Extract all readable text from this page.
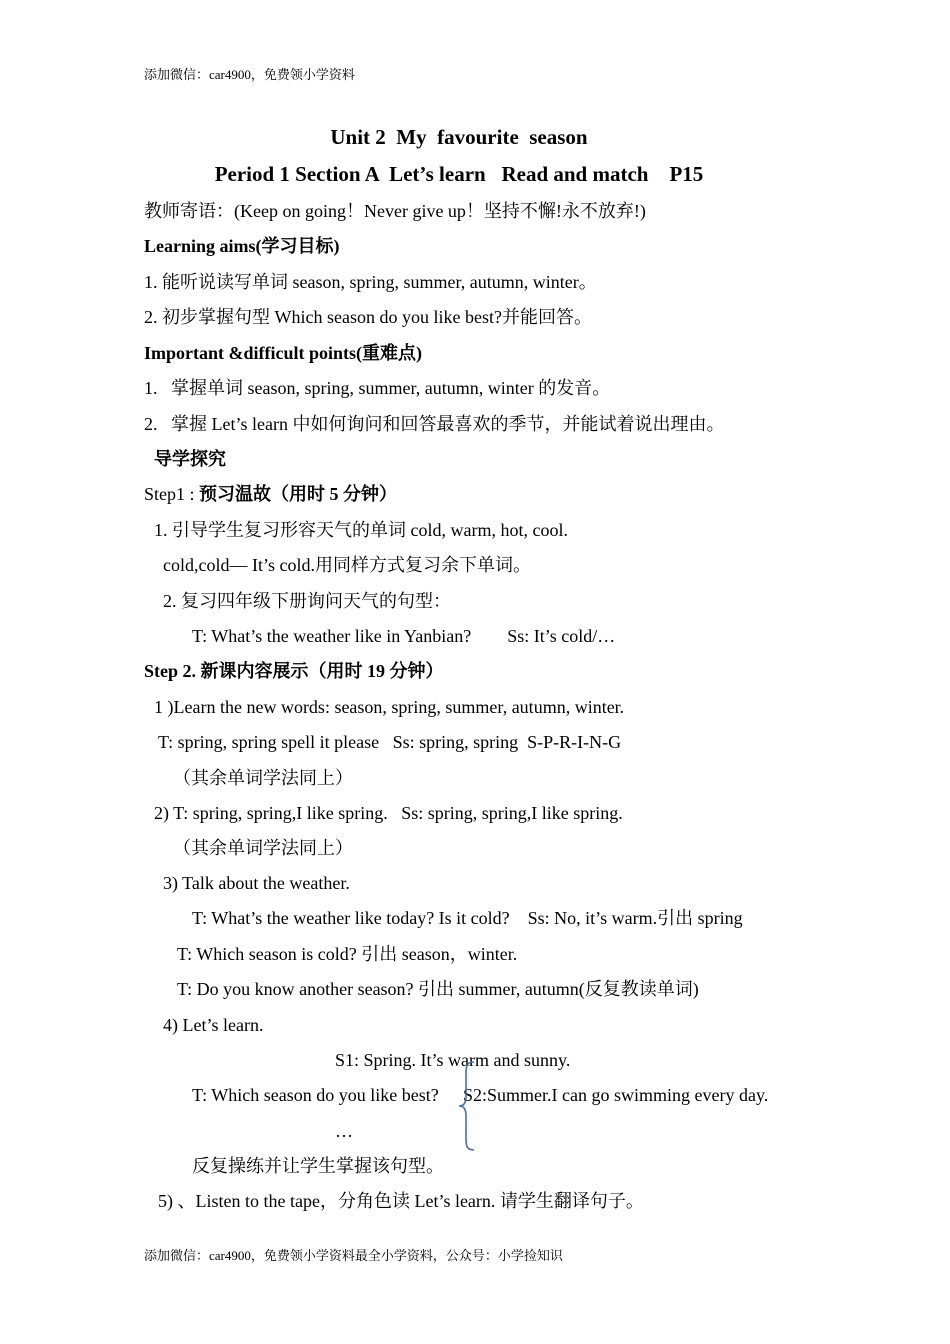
添加微信：car4900，免费领小学资料
Unit 2  My  favourite  season
Period 1 Section A  Let’s learn   Read and match    P15
教师寄语：(Keep on going！Never give up！坚持不懈!永不放弃!)
Learning aims(学习目标)
1. 能听说读写单词 season, spring, summer, autumn, winter。
2. 初步掌握句型 Which season do you like best?并能回答。
Important &difficult points(重难点)
1.   掌握单词 season, spring, summer, autumn, winter 的发音。
2.   掌握 Let’s learn 中如何询问和回答最喜欢的季节，并能试着说出理由。
导学探究
Step1 : 预习温故（用时 5 分钟）
1. 引导学生复习形容天气的单词 cold, warm, hot, cool.
cold,cold— It’s cold.用同样方式复习余下单词。
2. 复习四年级下册询问天气的句型：
T: What’s the weather like in Yanbian?        Ss: It’s cold/…
Step 2. 新课内容展示（用时 19 分钟）
1 )Learn the new words: season, spring, summer, autumn, winter.
T: spring, spring spell it please   Ss: spring, spring  S-P-R-I-N-G
（其余单词学法同上）
2) T: spring, spring,I like spring.   Ss: spring, spring,I like spring.
（其余单词学法同上）
3) Talk about the weather.
T: What’s the weather like today? Is it cold?    Ss: No, it’s warm.引出 spring
T: Which season is cold? 引出 season，winter.
T: Do you know another season? 引出 summer, autumn(反复教读单词)
4) Let’s learn.
S1: Spring. It’s warm and sunny.
T: Which season do you like best? S2:Summer.I can go swimming every day.
…
反复操练并让学生掌握该句型。
5) 、Listen to the tape，分角色读 Let’s learn. 请学生翻译句子。
添加微信：car4900，免费领小学资料最全小学资料，公众号：小学捡知识
